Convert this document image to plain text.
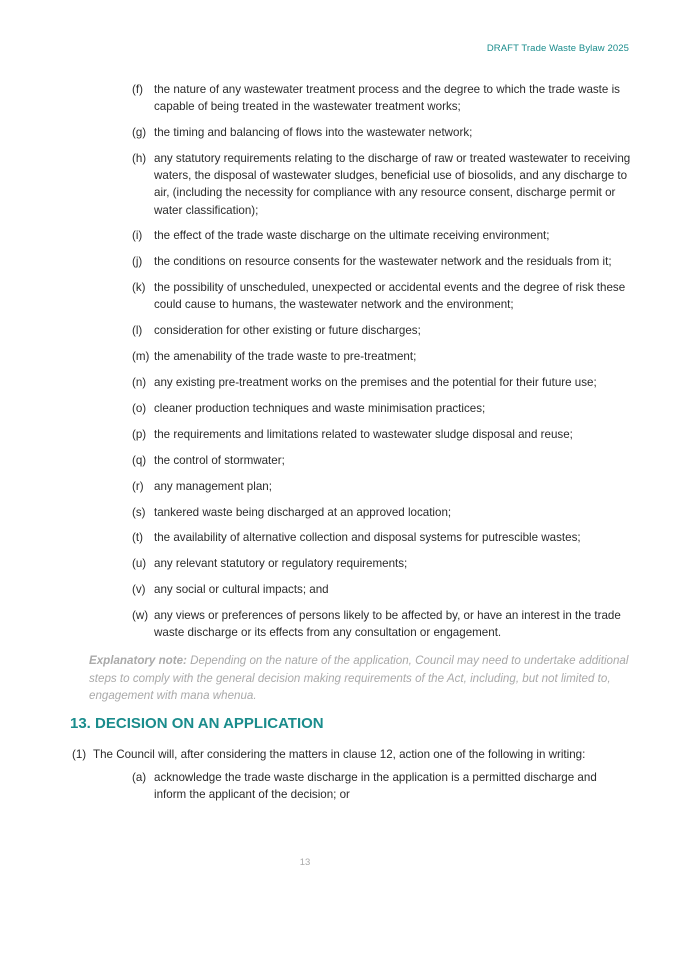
DRAFT Trade Waste Bylaw 2025
(f) the nature of any wastewater treatment process and the degree to which the trade waste is capable of being treated in the wastewater treatment works;
(g) the timing and balancing of flows into the wastewater network;
(h) any statutory requirements relating to the discharge of raw or treated wastewater to receiving waters, the disposal of wastewater sludges, beneficial use of biosolids, and any discharge to air, (including the necessity for compliance with any resource consent, discharge permit or water classification);
(i)	the effect of the trade waste discharge on the ultimate receiving environment;
(j)	the conditions on resource consents for the wastewater network and the residuals from it;
(k) the possibility of unscheduled, unexpected or accidental events and the degree of risk these could cause to humans, the wastewater network and the environment;
(l)	consideration for other existing or future discharges;
(m) the amenability of the trade waste to pre-treatment;
(n) any existing pre-treatment works on the premises and the potential for their future use;
(o) cleaner production techniques and waste minimisation practices;
(p) the requirements and limitations related to wastewater sludge disposal and reuse;
(q) the control of stormwater;
(r) any management plan;
(s) tankered waste being discharged at an approved location;
(t) the availability of alternative collection and disposal systems for putrescible wastes;
(u) any relevant statutory or regulatory requirements;
(v) any social or cultural impacts; and
(w) any views or preferences of persons likely to be affected by, or have an interest in the trade waste discharge or its effects from any consultation or engagement.

Explanatory note: Depending on the nature of the application, Council may need to undertake additional steps to comply with the general decision making requirements of the Act, including, but not limited to, engagement with mana whenua.

13. DECISION ON AN APPLICATION
(1) The Council will, after considering the matters in clause 12, action one of the following in writing:
(a) acknowledge the trade waste discharge in the application is a permitted discharge and inform the applicant of the decision; or
13
